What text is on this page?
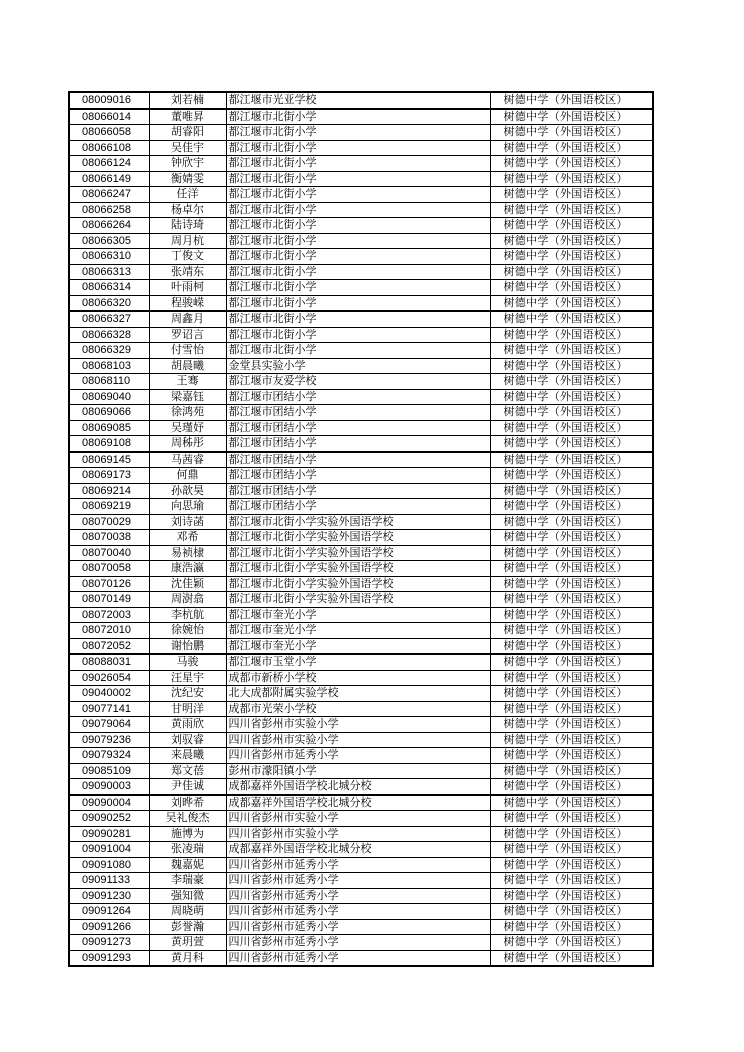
08009016	刘若楠	都江堰市光亚学校	树德中学（外国语校区）
08066014	董唯昇	都江堰市北街小学	树德中学（外国语校区）
08066058	胡睿阳	都江堰市北街小学	树德中学（外国语校区）
08066108	吴佳宇	都江堰市北街小学	树德中学（外国语校区）
08066124	钟欣宇	都江堰市北街小学	树德中学（外国语校区）
08066149	衡婧雯	都江堰市北街小学	树德中学（外国语校区）
08066247	任洋	都江堰市北街小学	树德中学（外国语校区）
08066258	杨卓尔	都江堰市北街小学	树德中学（外国语校区）
08066264	陆诗琦	都江堰市北街小学	树德中学（外国语校区）
08066305	周月杭	都江堰市北街小学	树德中学（外国语校区）
08066310	丁俊文	都江堰市北街小学	树德中学（外国语校区）
08066313	张靖东	都江堰市北街小学	树德中学（外国语校区）
08066314	叶雨柯	都江堰市北街小学	树德中学（外国语校区）
08066320	程骏嵘	都江堰市北街小学	树德中学（外国语校区）
08066327	周鑫月	都江堰市北街小学	树德中学（外国语校区）
08066328	罗诏言	都江堰市北街小学	树德中学（外国语校区）
08066329	付雪怡	都江堰市北街小学	树德中学（外国语校区）
08068103	胡晨曦	金堂县实验小学	树德中学（外国语校区）
08068110	王骞	都江堰市友爱学校	树德中学（外国语校区）
08069040	梁嘉钰	都江堰市团结小学	树德中学（外国语校区）
08069066	徐鸿苑	都江堰市团结小学	树德中学（外国语校区）
08069085	吴瑾妤	都江堰市团结小学	树德中学（外国语校区）
08069108	周秭彤	都江堰市团结小学	树德中学（外国语校区）
08069145	马茜睿	都江堰市团结小学	树德中学（外国语校区）
08069173	何鼎	都江堰市团结小学	树德中学（外国语校区）
08069214	孙歆昊	都江堰市团结小学	树德中学（外国语校区）
08069219	向思瑜	都江堰市团结小学	树德中学（外国语校区）
08070029	刘诗菡	都江堰市北街小学实验外国语学校	树德中学（外国语校区）
08070038	邓希	都江堰市北街小学实验外国语学校	树德中学（外国语校区）
08070040	易祯棣	都江堰市北街小学实验外国语学校	树德中学（外国语校区）
08070058	康浩瀛	都江堰市北街小学实验外国语学校	树德中学（外国语校区）
08070126	沈佳颖	都江堰市北街小学实验外国语学校	树德中学（外国语校区）
08070149	周澍翕	都江堰市北街小学实验外国语学校	树德中学（外国语校区）
08072003	李杭航	都江堰市奎光小学	树德中学（外国语校区）
08072010	徐婉怡	都江堰市奎光小学	树德中学（外国语校区）
08072052	谢怡鹏	都江堰市奎光小学	树德中学（外国语校区）
08088031	马骏	都江堰市玉堂小学	树德中学（外国语校区）
09026054	汪星宇	成都市新桥小学校	树德中学（外国语校区）
09040002	沈纪安	北大成都附属实验学校	树德中学（外国语校区）
09077141	甘明洋	成都市光荣小学校	树德中学（外国语校区）
09079064	黄雨欣	四川省彭州市实验小学	树德中学（外国语校区）
09079236	刘驭睿	四川省彭州市实验小学	树德中学（外国语校区）
09079324	来晨曦	四川省彭州市延秀小学	树德中学（外国语校区）
09085109	郑文蓓	彭州市濛阳镇小学	树德中学（外国语校区）
09090003	尹佳诚	成都嘉祥外国语学校北城分校	树德中学（外国语校区）
09090004	刘晔希	成都嘉祥外国语学校北城分校	树德中学（外国语校区）
09090252	吴礼俊杰	四川省彭州市实验小学	树德中学（外国语校区）
09090281	施博为	四川省彭州市实验小学	树德中学（外国语校区）
09091004	张凌瑞	成都嘉祥外国语学校北城分校	树德中学（外国语校区）
09091080	魏嘉妮	四川省彭州市延秀小学	树德中学（外国语校区）
09091133	李瑞豪	四川省彭州市延秀小学	树德中学（外国语校区）
09091230	强知微	四川省彭州市延秀小学	树德中学（外国语校区）
09091264	周晓萌	四川省彭州市延秀小学	树德中学（外国语校区）
09091266	彭誉瀚	四川省彭州市延秀小学	树德中学（外国语校区）
09091273	黄玥萱	四川省彭州市延秀小学	树德中学（外国语校区）
09091293	黄月科	四川省彭州市延秀小学	树德中学（外国语校区）
